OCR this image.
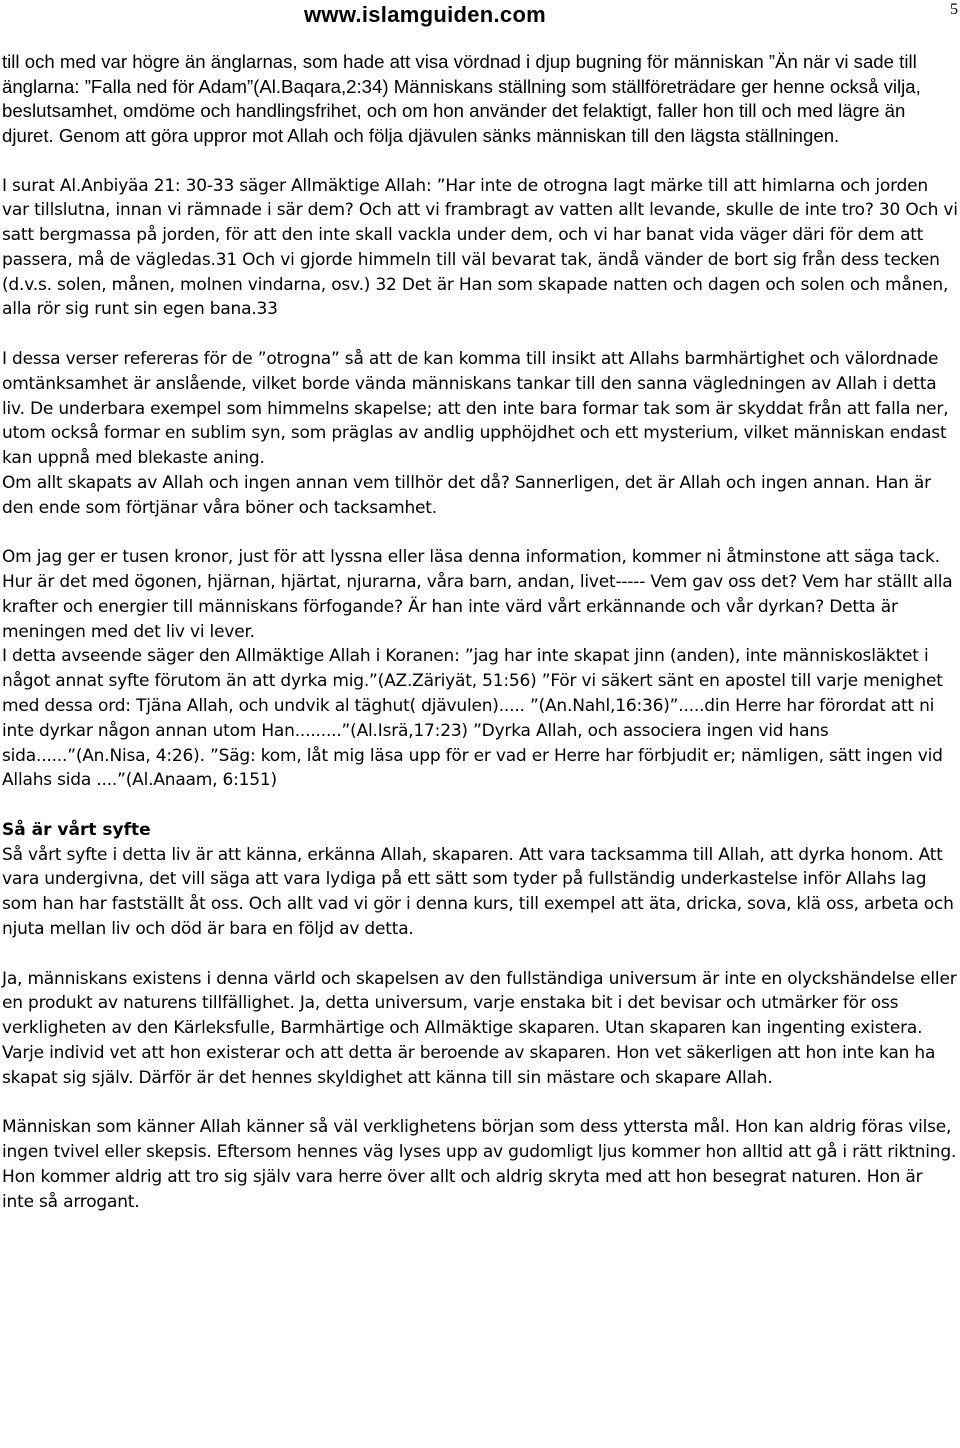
www.islamguiden.com	5

till och med var högre än änglarnas, som hade att visa vördnad i djup bugning för människan ”Än när vi sade till änglarna: ”Falla ned för Adam”(Al.Baqara,2:34) Människans ställning som ställföreträdare ger henne också vilja, beslutsamhet, omdöme och handlingsfrihet, och om hon använder det felaktigt, faller hon till och med lägre än djuret. Genom att göra uppror mot Allah och följa djävulen sänks människan till den lägsta ställningen.

I surat Al.Anbiyäa 21: 30-33 säger Allmäktige Allah: ”Har inte de otrogna lagt märke till att himlarna och jorden var tillslutna, innan vi rämnade i sär dem? Och att vi frambragt av vatten allt levande, skulle de inte tro? 30 Och vi satt bergmassa på jorden, för att den inte skall vackla under dem, och vi har banat vida väger däri för dem att passera, må de vägledas.31 Och vi gjorde himmeln till väl bevarat tak, ändå vänder de bort sig från dess tecken (d.v.s. solen, månen, molnen vindarna, osv.) 32 Det är Han som skapade natten och dagen och solen och månen, alla rör sig runt sin egen bana.33

I dessa verser refereras för de ”otrogna” så att de kan komma till insikt att Allahs barmhärtighet och välordnade omtänksamhet är anslående, vilket borde vända människans tankar till den sanna vägledningen av Allah i detta liv. De underbara exempel som himmelns skapelse; att den inte bara formar tak som är skyddat från att falla ner, utom också formar en sublim syn, som präglas av andlig upphöjdhet och ett mysterium, vilket människan endast kan uppnå med blekaste aning.

Om allt skapats av Allah och ingen annan vem tillhör det då? Sannerligen, det är Allah och ingen annan. Han är den ende som förtjänar våra böner och tacksamhet.

Om jag ger er tusen kronor, just för att lyssna eller läsa denna information, kommer ni åtminstone att säga tack. Hur är det med ögonen, hjärnan, hjärtat, njurarna, våra barn, andan, livet----- Vem gav oss det? Vem har ställt alla krafter och energier till människans förfogande? Är han inte värd vårt erkännande och vår dyrkan? Detta är meningen med det liv vi lever.

I detta avseende säger den Allmäktige Allah i Koranen: ”jag har inte skapat jinn (anden), inte människosläktet i något annat syfte förutom än att dyrka mig.”(AZ.Zäriyät, 51:56) ”För vi säkert sänt en apostel till varje menighet med dessa ord: Tjäna Allah, och undvik al täghut( djävulen)..... ”(An.Nahl,16:36)”.....din Herre har förordat att ni inte dyrkar någon annan utom Han.........”(Al.Isrä,17:23) ”Dyrka Allah, och associera ingen vid hans sida......”(An.Nisa, 4:26). ”Säg: kom, låt mig läsa upp för er vad er Herre har förbjudit er; nämligen, sätt ingen vid Allahs sida ....”(Al.Anaam, 6:151)

Så är vårt syfte

Så vårt syfte i detta liv är att känna, erkänna Allah, skaparen. Att vara tacksamma till Allah, att dyrka honom. Att vara undergivna, det vill säga att vara lydiga på ett sätt som tyder på fullständig underkastelse inför Allahs lag som han har fastställt åt oss. Och allt vad vi gör i denna kurs, till exempel att äta, dricka, sova, klä oss, arbeta och njuta mellan liv och död är bara en följd av detta.

Ja, människans existens i denna värld och skapelsen av den fullständiga universum är inte en olyckshändelse eller en produkt av naturens tillfällighet. Ja, detta universum, varje enstaka bit i det bevisar och utmärker för oss verkligheten av den Kärleksfulle, Barmhärtige och Allmäktige skaparen. Utan skaparen kan ingenting existera. Varje individ vet att hon existerar och att detta är beroende av skaparen. Hon vet säkerligen att hon inte kan ha skapat sig själv. Därför är det hennes skyldighet att känna till sin mästare och skapare Allah.

Människan som känner Allah känner så väl verklighetens början som dess yttersta mål. Hon kan aldrig föras vilse, ingen tvivel eller skepsis. Eftersom hennes väg lyses upp av gudomligt ljus kommer hon alltid att gå i rätt riktning. Hon kommer aldrig att tro sig själv vara herre över allt och aldrig skryta med att hon besegrat naturen. Hon är inte så arrogant.
